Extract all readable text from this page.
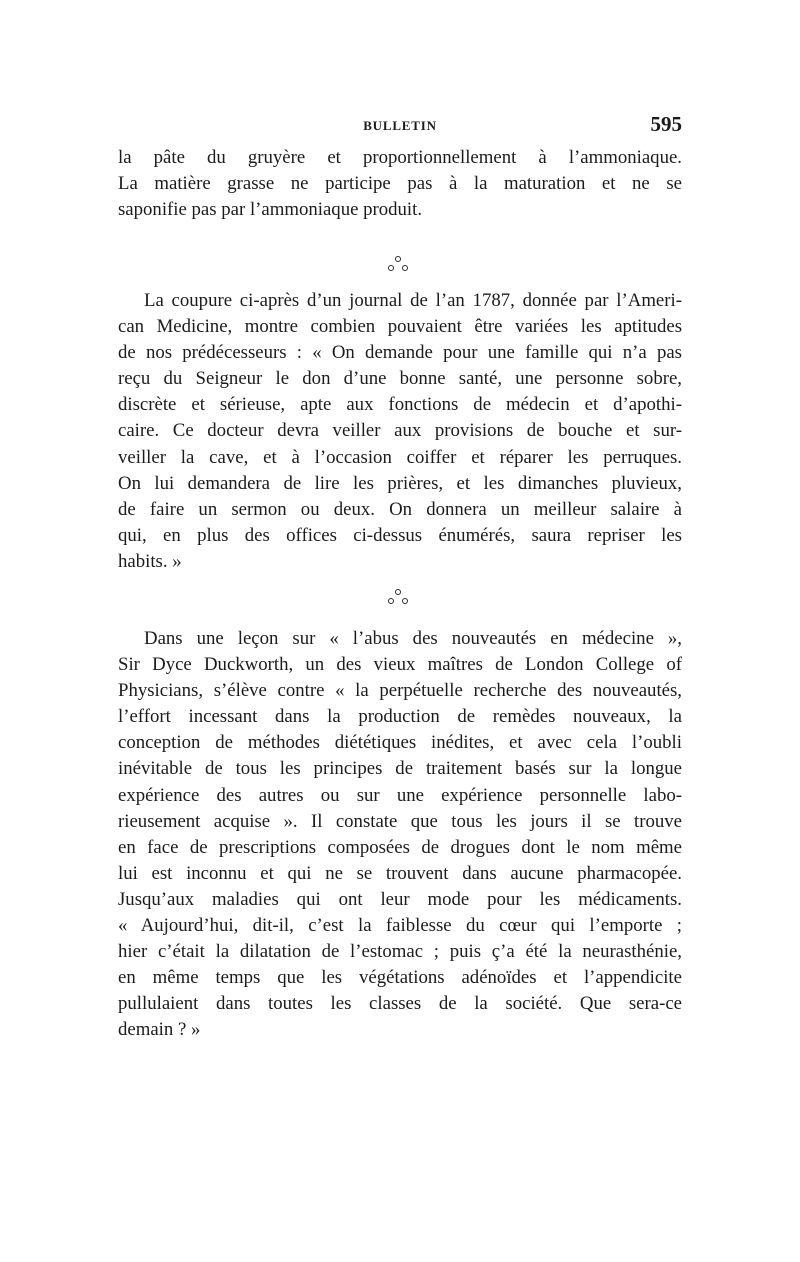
BULLETIN	595
la pâte du gruyère et proportionnellement à l’ammoniaque.
La matière grasse ne participe pas à la maturation et ne se
saponifie pas par l’ammoniaque produit.
La coupure ci-après d’un journal de l’an 1787, donnée par l’Ameri-
can Medicine, montre combien pouvaient être variées les aptitudes
de nos prédécesseurs : « On demande pour une famille qui n’a pas
reçu du Seigneur le don d’une bonne santé, une personne sobre,
discrète et sérieuse, apte aux fonctions de médecin et d’apothi-
caire. Ce docteur devra veiller aux provisions de bouche et sur-
veiller la cave, et à l’occasion coiffer et réparer les perruques.
On lui demandera de lire les prières, et les dimanches pluvieux,
de faire un sermon ou deux. On donnera un meilleur salaire à
qui, en plus des offices ci-dessus énumérés, saura repriser les
habits. »
Dans une leçon sur « l’abus des nouveautés en médecine »,
Sir Dyce Duckworth, un des vieux maîtres de London College of
Physicians, s’élève contre « la perpétuelle recherche des nouveautés,
l’effort incessant dans la production de remèdes nouveaux, la
conception de méthodes diététiques inédites, et avec cela l’oubli
inévitable de tous les principes de traitement basés sur la longue
expérience des autres ou sur une expérience personnelle labo-
rieusement acquise ». Il constate que tous les jours il se trouve
en face de prescriptions composées de drogues dont le nom même
lui est inconnu et qui ne se trouvent dans aucune pharmacopée.
Jusqu’aux maladies qui ont leur mode pour les médicaments.
« Aujourd’hui, dit-il, c’est la faiblesse du cœur qui l’emporte ;
hier c’était la dilatation de l’estomac ; puis ç’a été la neurasthénie,
en même temps que les végétations adénoïdes et l’appendicite
pullulaient dans toutes les classes de la société. Que sera-ce
demain ? »
